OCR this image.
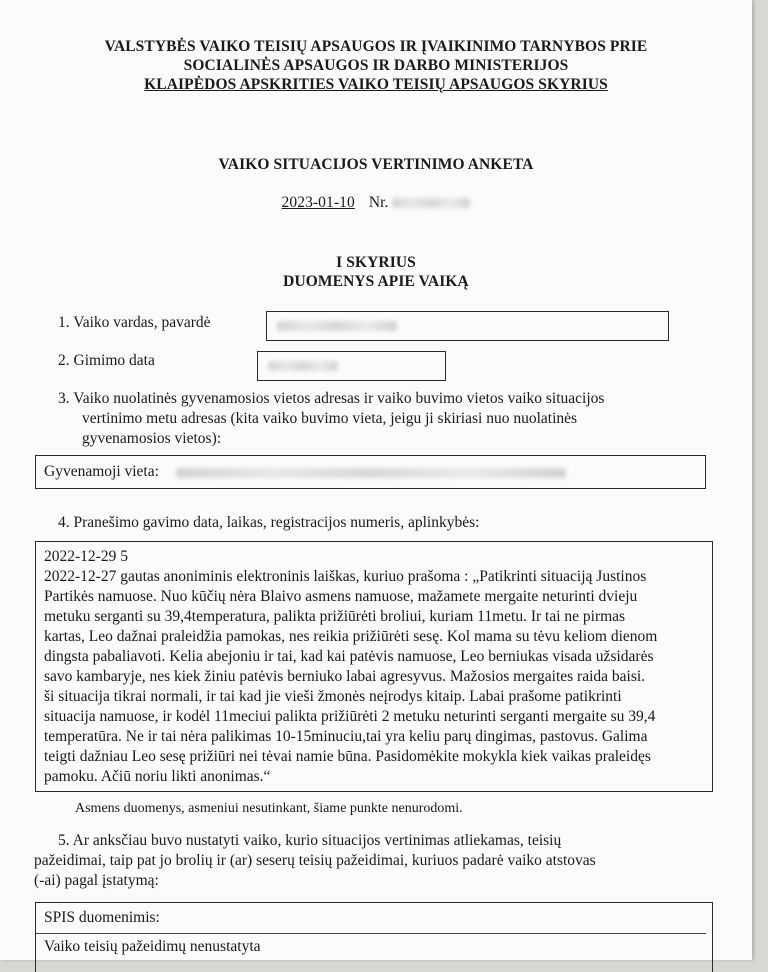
VALSTYBĖS VAIKO TEISIŲ APSAUGOS IR ĮVAIKINIMO TARNYBOS PRIE
SOCIALINĖS APSAUGOS IR DARBO MINISTERIJOS
KLAIPĖDOS APSKRITIES VAIKO TEISIŲ APSAUGOS SKYRIUS
VAIKO SITUACIJOS VERTINIMO ANKETA
2023-01-10 Nr.
I SKYRIUS
DUOMENYS APIE VAIKĄ
1. Vaiko vardas, pavardė
2. Gimimo data
3. Vaiko nuolatinės gyvenamosios vietos adresas ir vaiko buvimo vietos vaiko situacijos
vertinimo metu adresas (kita vaiko buvimo vieta, jeigu ji skiriasi nuo nuolatinės
gyvenamosios vietos):
Gyvenamoji vieta:
4. Pranešimo gavimo data, laikas, registracijos numeris, aplinkybės:
2022-12-29 5
2022-12-27 gautas anoniminis elektroninis laiškas, kuriuo prašoma : „Patikrinti situaciją Justinos
Partikės namuose. Nuo kūčių nėra Blaivo asmens namuose, mažamete mergaite neturinti dvieju
metuku serganti su 39,4temperatura, palikta prižiūrėti broliui, kuriam 11metu. Ir tai ne pirmas
kartas, Leo dažnai praleidžia pamokas, nes reikia prižiūrėti sesę. Kol mama su tėvu keliom dienom
dingsta pabaliavoti. Kelia abejoniu ir tai, kad kai patėvis namuose, Leo berniukas visada užsidarės
savo kambaryje, nes kiek žiniu patėvis berniuko labai agresyvus. Mažosios mergaites raida baisi.
ši situacija tikrai normali, ir tai kad jie vieši žmonės neįrodys kitaip. Labai prašome patikrinti
situacija namuose, ir kodėl 11meciui palikta prižiūrėti 2 metuku neturinti serganti mergaite su 39,4
temperatūra. Ne ir tai nėra palikimas 10-15minuciu,tai yra keliu parų dingimas, pastovus. Galima
teigti dažniau Leo sesę prižiūri nei tėvai namie būna. Pasidomėkite mokykla kiek vaikas praleidęs
pamoku. Ačiū noriu likti anonimas.“
Asmens duomenys, asmeniui nesutinkant, šiame punkte nenurodomi.
5. Ar anksčiau buvo nustatyti vaiko, kurio situacijos vertinimas atliekamas, teisių
pažeidimai, taip pat jo brolių ir (ar) seserų teisių pažeidimai, kuriuos padarė vaiko atstovas
(-ai) pagal įstatymą:
SPIS duomenimis:
Vaiko teisių pažeidimų nenustatyta
